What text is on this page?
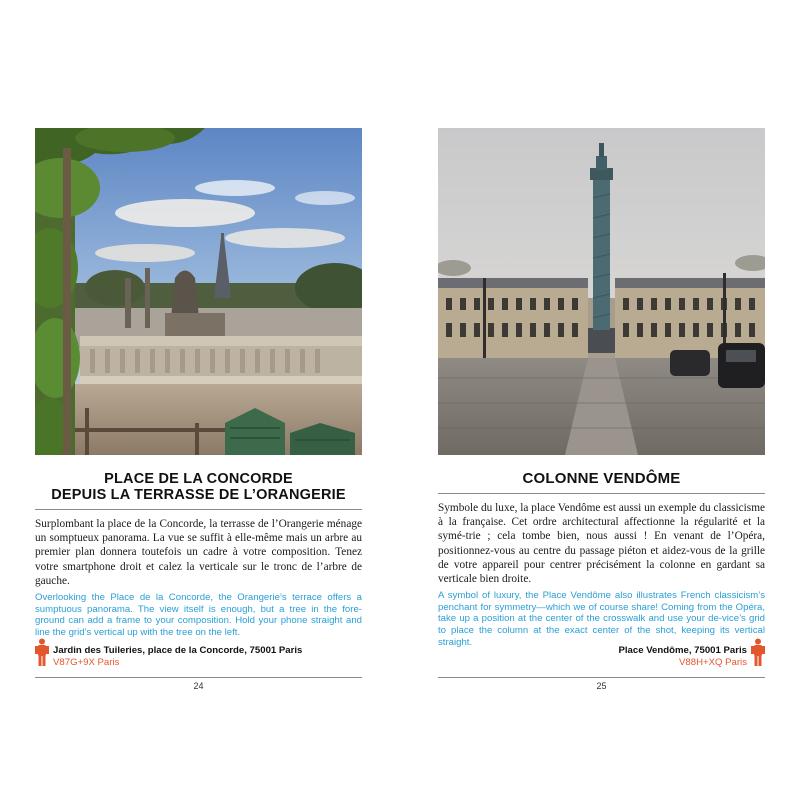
PLACE DE LA CONCORDE
DEPUIS LA TERRASSE DE L’ORANGERIE

Surplombant la place de la Concorde, la terrasse de l’Orangerie ménage un somptueux panorama. La vue se suffit à elle-même mais un arbre au premier plan donnera toutefois un cadre à votre composition. Tenez votre smartphone droit et calez la verticale sur le tronc de l’arbre de gauche.

Overlooking the Place de la Concorde, the Orangerie’s terrace offers a sumptuous panorama. The view itself is enough, but a tree in the fore-ground can add a frame to your composition. Hold your phone straight and line the grid’s vertical up with the tree on the left.

Jardin des Tuileries, place de la Concorde, 75001 Paris
V87G+9X Paris
24
COLONNE VENDÔME

Symbole du luxe, la place Vendôme est aussi un exemple du classicisme à la française. Cet ordre architectural affectionne la régularité et la symé-trie ; cela tombe bien, nous aussi ! En venant de l’Opéra, positionnez-vous au centre du passage piéton et aidez-vous de la grille de votre appareil pour centrer précisément la colonne en gardant sa verticale bien droite.

A symbol of luxury, the Place Vendôme also illustrates French classicism’s penchant for symmetry—which we of course share! Coming from the Opéra, take up a position at the center of the crosswalk and use your de-vice’s grid to place the column at the exact center of the shot, keeping its vertical straight.

Place Vendôme, 75001 Paris
V88H+XQ Paris
25
